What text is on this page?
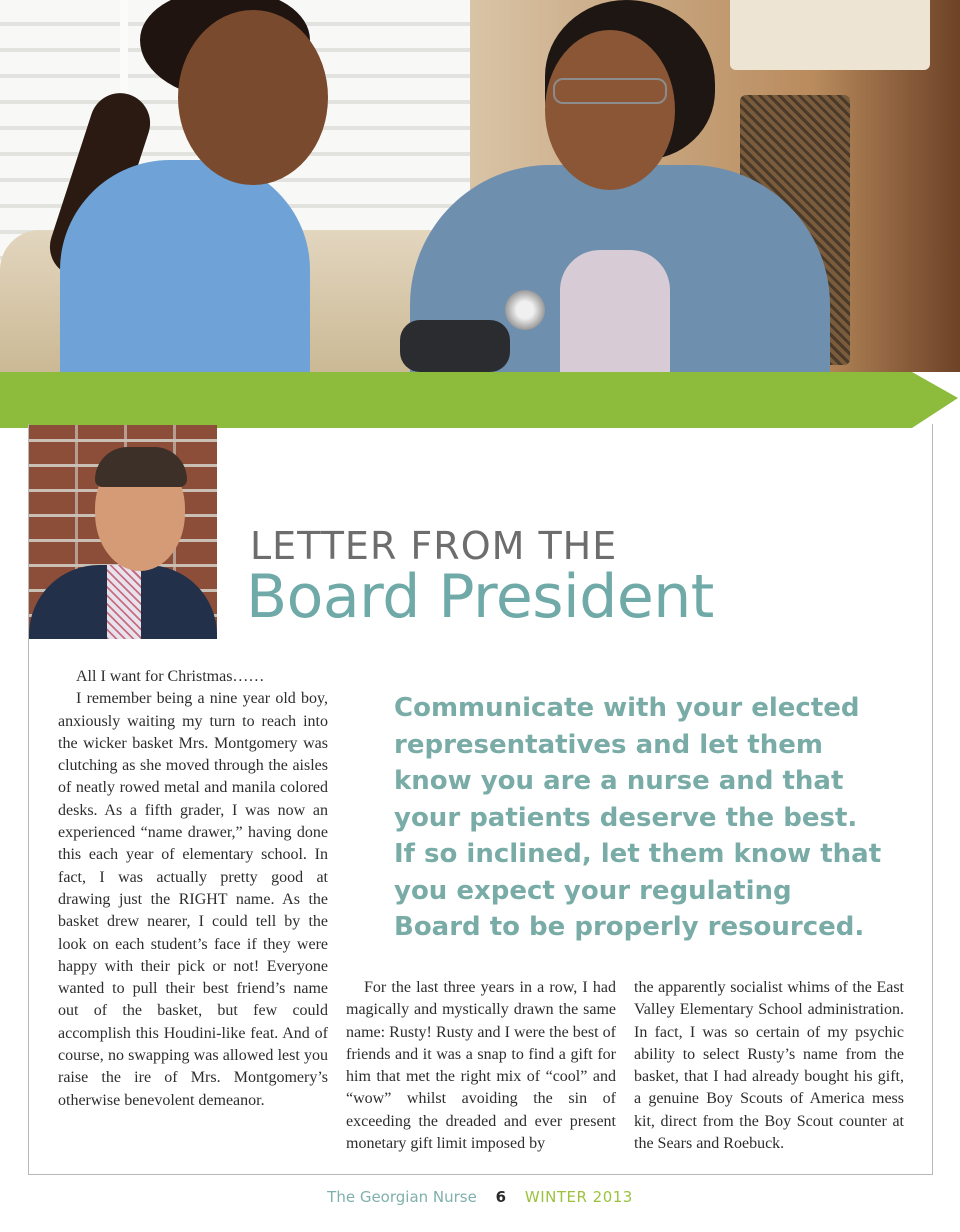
LETTER FROM THE
Board President

All I want for Christmas……

I remember being a nine year old boy, anxiously waiting my turn to reach into the wicker basket Mrs. Montgomery was clutching as she moved through the aisles of neatly rowed metal and manila colored desks. As a fifth grader, I was now an experienced “name drawer,” having done this each year of elementary school. In fact, I was actually pretty good at drawing just the RIGHT name. As the basket drew nearer, I could tell by the look on each student’s face if they were happy with their pick or not! Everyone wanted to pull their best friend’s name out of the basket, but few could accomplish this Houdini-like feat. And of course, no swapping was allowed lest you raise the ire of Mrs. Montgomery’s otherwise benevolent demeanor.

Communicate with your elected representatives and let them know you are a nurse and that your patients deserve the best. If so inclined, let them know that you expect your regulating Board to be properly resourced.

For the last three years in a row, I had magically and mystically drawn the same name: Rusty! Rusty and I were the best of friends and it was a snap to find a gift for him that met the right mix of “cool” and “wow” whilst avoiding the sin of exceeding the dreaded and ever present monetary gift limit imposed by

the apparently socialist whims of the East Valley Elementary School administration. In fact, I was so certain of my psychic ability to select Rusty’s name from the basket, that I had already bought his gift, a genuine Boy Scouts of America mess kit, direct from the Boy Scout counter at the Sears and Roebuck.

The Georgian Nurse 6 WINTER 2013
